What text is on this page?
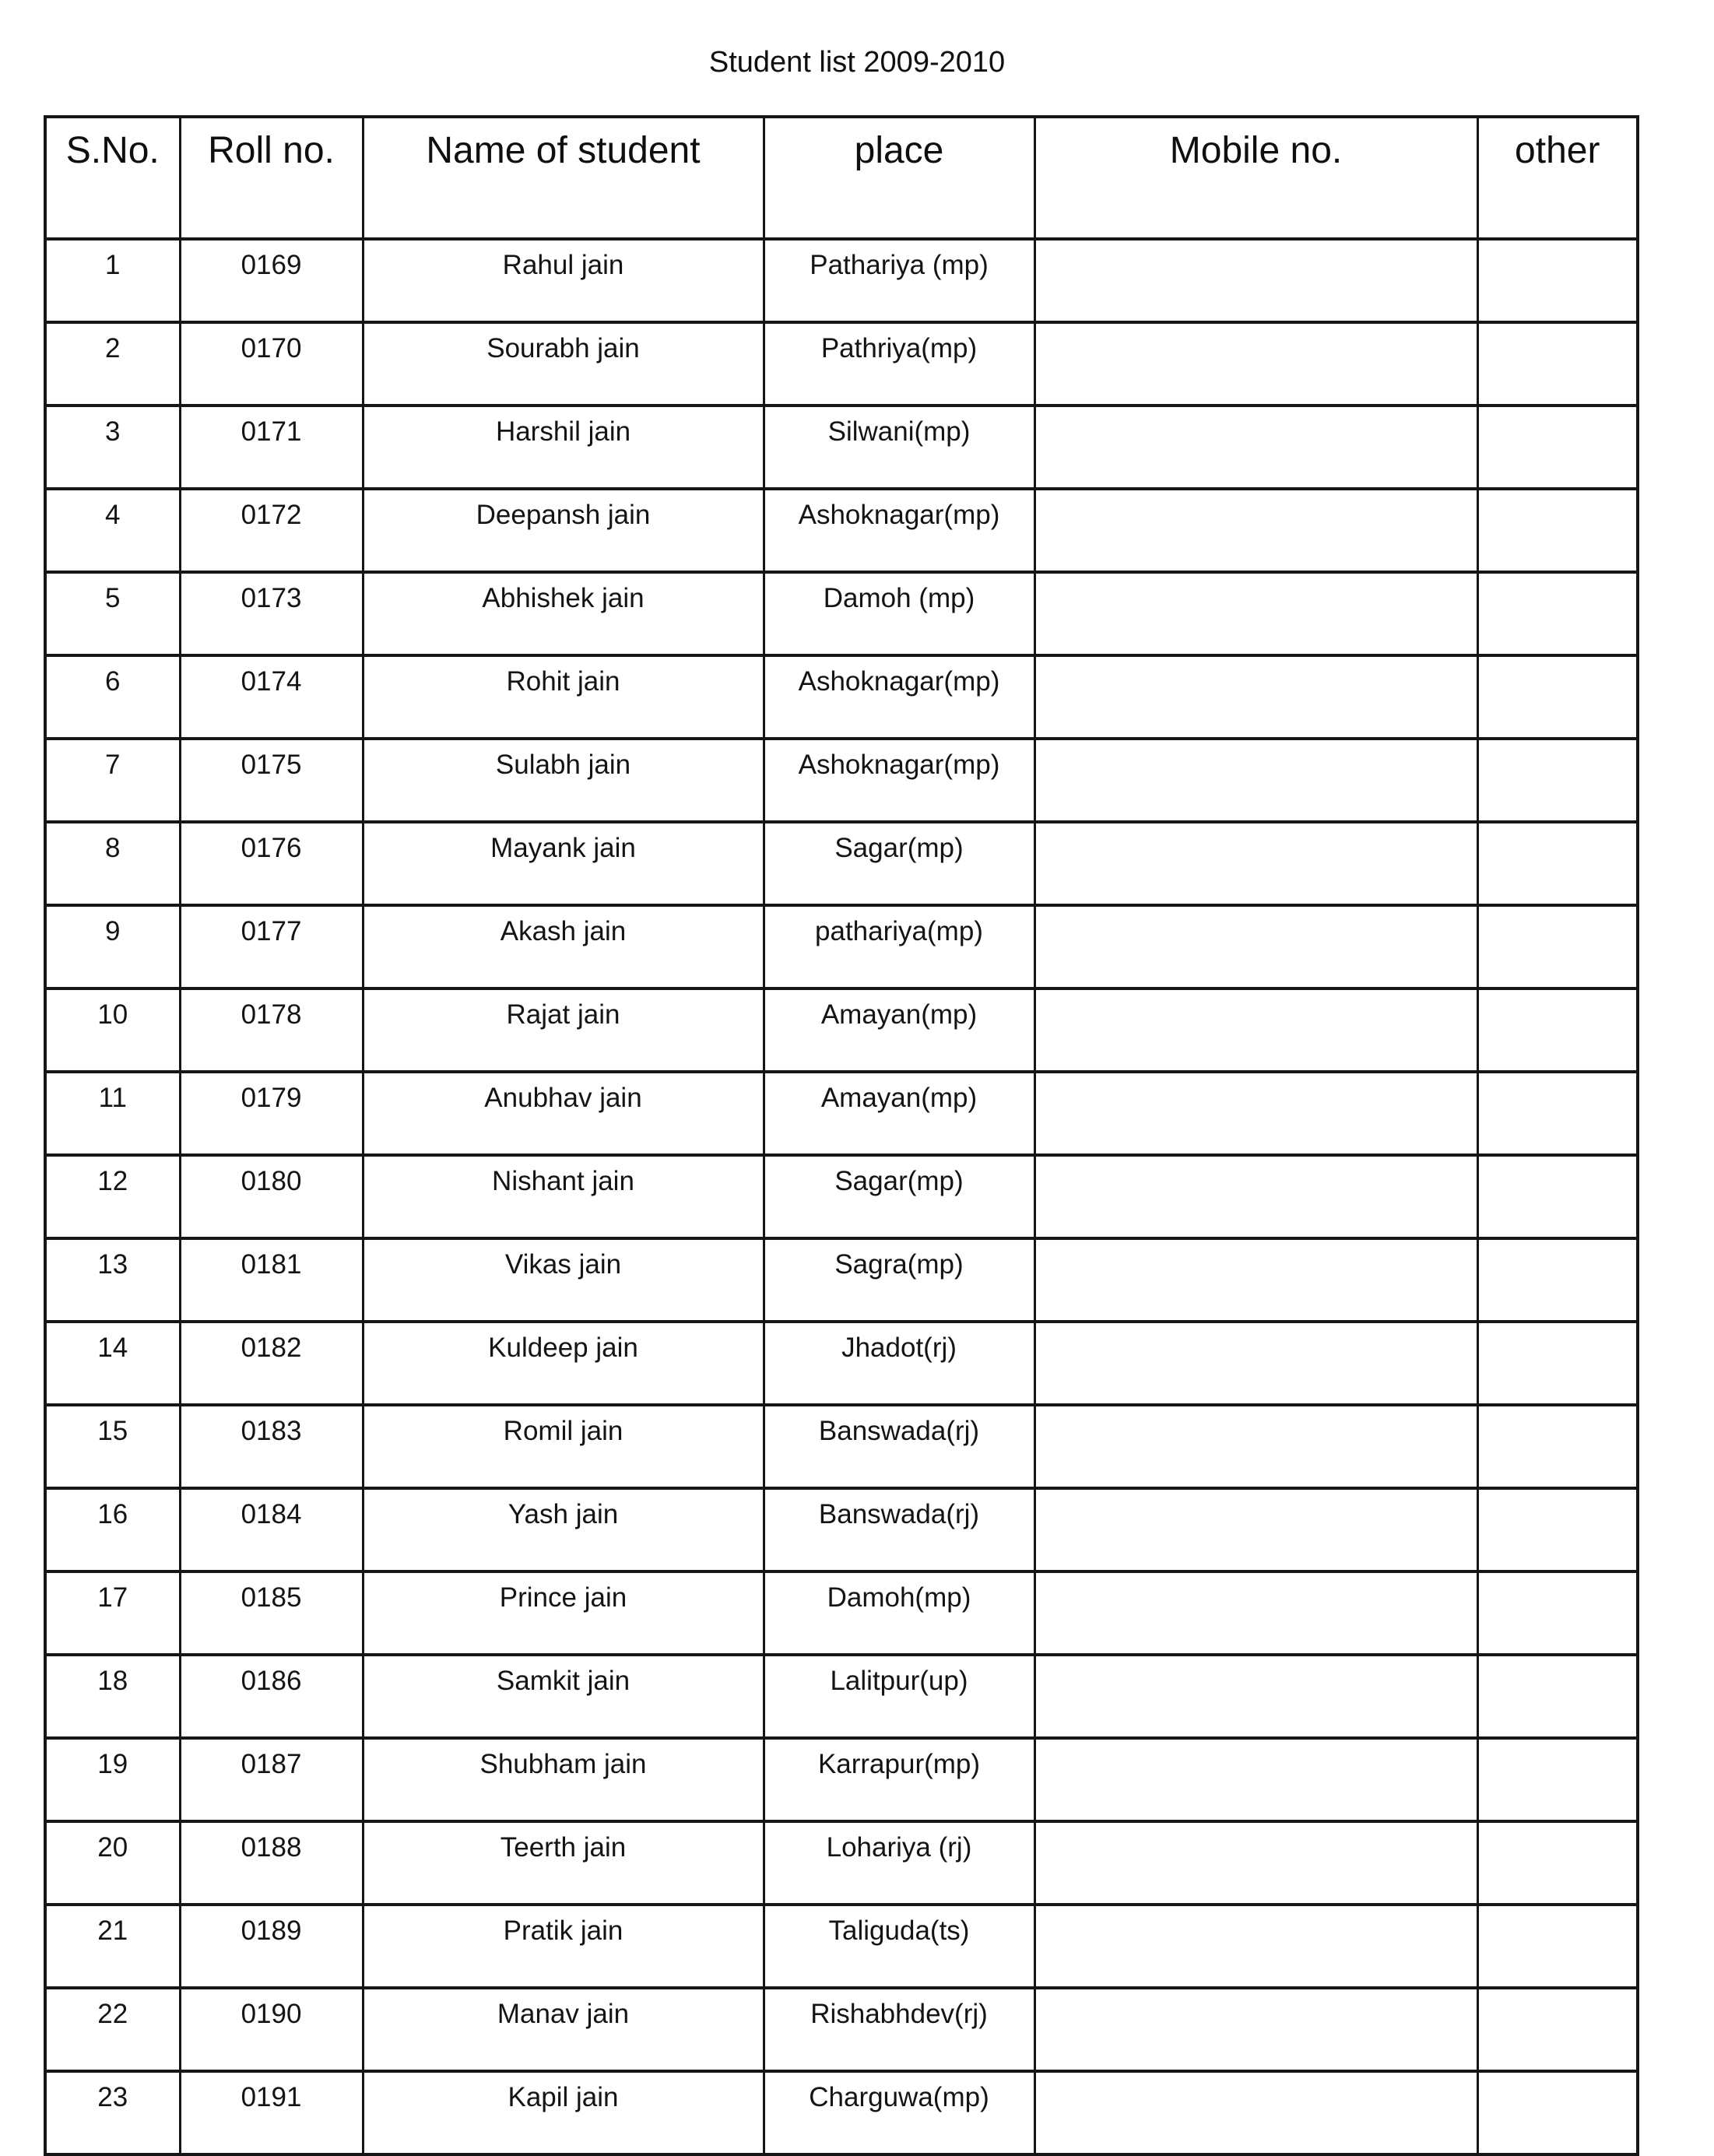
Student list 2009-2010
S.No.	Roll no.	Name of student	place	Mobile no.	other
1	0169	Rahul jain	Pathariya (mp)		
2	0170	Sourabh jain	Pathriya(mp)		
3	0171	Harshil jain	Silwani(mp)		
4	0172	Deepansh jain	Ashoknagar(mp)		
5	0173	Abhishek jain	Damoh (mp)		
6	0174	Rohit jain	Ashoknagar(mp)		
7	0175	Sulabh jain	Ashoknagar(mp)		
8	0176	Mayank jain	Sagar(mp)		
9	0177	Akash jain	pathariya(mp)		
10	0178	Rajat jain	Amayan(mp)		
11	0179	Anubhav jain	Amayan(mp)		
12	0180	Nishant jain	Sagar(mp)		
13	0181	Vikas jain	Sagra(mp)		
14	0182	Kuldeep jain	Jhadot(rj)		
15	0183	Romil jain	Banswada(rj)		
16	0184	Yash jain	Banswada(rj)		
17	0185	Prince jain	Damoh(mp)		
18	0186	Samkit jain	Lalitpur(up)		
19	0187	Shubham jain	Karrapur(mp)		
20	0188	Teerth jain	Lohariya (rj)		
21	0189	Pratik jain	Taliguda(ts)		
22	0190	Manav jain	Rishabhdev(rj)		
23	0191	Kapil jain	Charguwa(mp)		
